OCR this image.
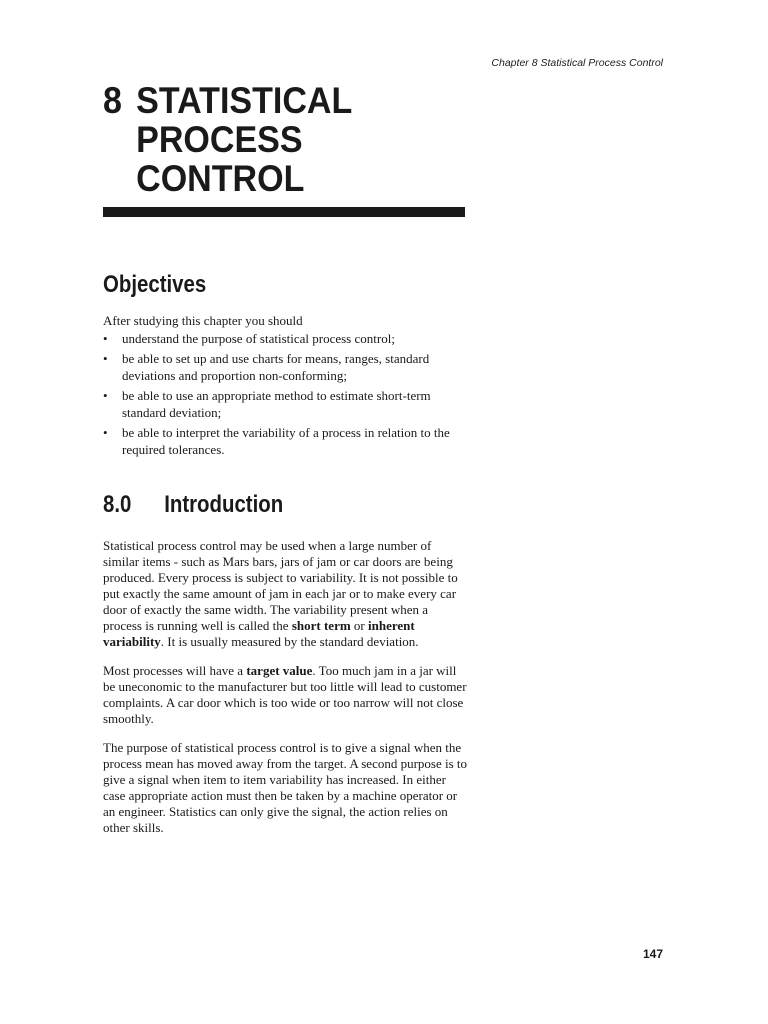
Chapter 8 Statistical Process Control
8 STATISTICAL
PROCESS
CONTROL
Objectives

After studying this chapter you should

• understand the purpose of statistical process control;
• be able to set up and use charts for means, ranges, standard deviations and proportion non-conforming;
• be able to use an appropriate method to estimate short-term standard deviation;
• be able to interpret the variability of a process in relation to the required tolerances.
8.0 Introduction

Statistical process control may be used when a large number of similar items - such as Mars bars, jars of jam or car doors are being produced. Every process is subject to variability. It is not possible to put exactly the same amount of jam in each jar or to make every car door of exactly the same width. The variability present when a process is running well is called the short term or inherent variability. It is usually measured by the standard deviation.

Most processes will have a target value. Too much jam in a jar will be uneconomic to the manufacturer but too little will lead to customer complaints. A car door which is too wide or too narrow will not close smoothly.

The purpose of statistical process control is to give a signal when the process mean has moved away from the target. A second purpose is to give a signal when item to item variability has increased. In either case appropriate action must then be taken by a machine operator or an engineer. Statistics can only give the signal, the action relies on other skills.

147
